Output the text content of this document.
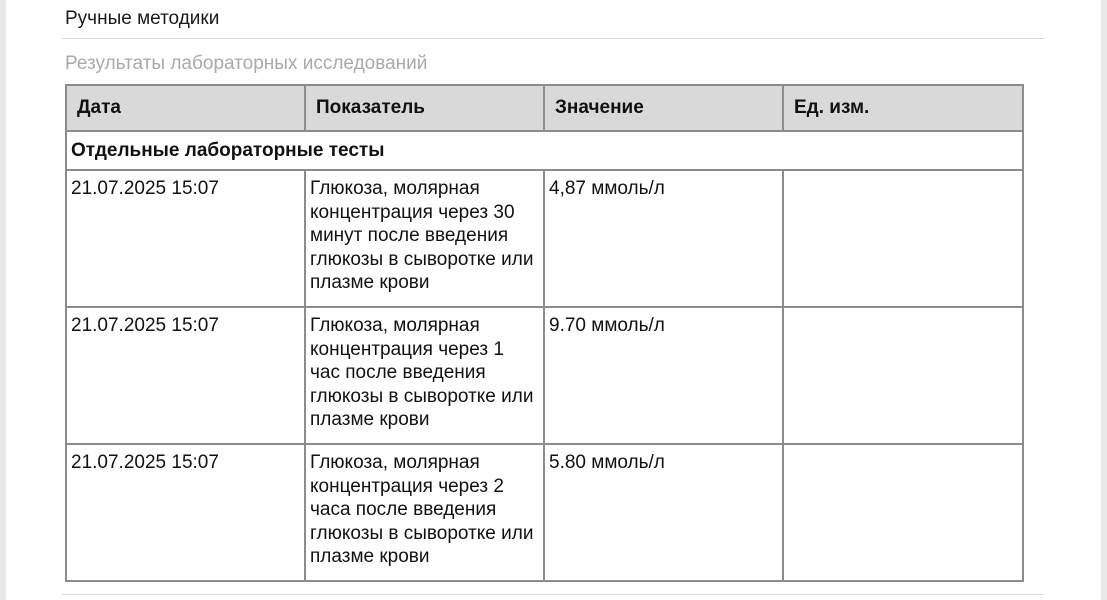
Ручные методики
Результаты лабораторных исследований
Дата	Показатель	Значение	Ед. изм.
Отдельные лабораторные тесты			
21.07.2025 15:07	Глюкоза, молярная концентрация через 30 минут после введения глюкозы в сыворотке или плазме крови	4,87 ммоль/л	
21.07.2025 15:07	Глюкоза, молярная концентрация через 1 час после введения глюкозы в сыворотке или плазме крови	9.70 ммоль/л	
21.07.2025 15:07	Глюкоза, молярная концентрация через 2 часа после введения глюкозы в сыворотке или плазме крови	5.80 ммоль/л	
